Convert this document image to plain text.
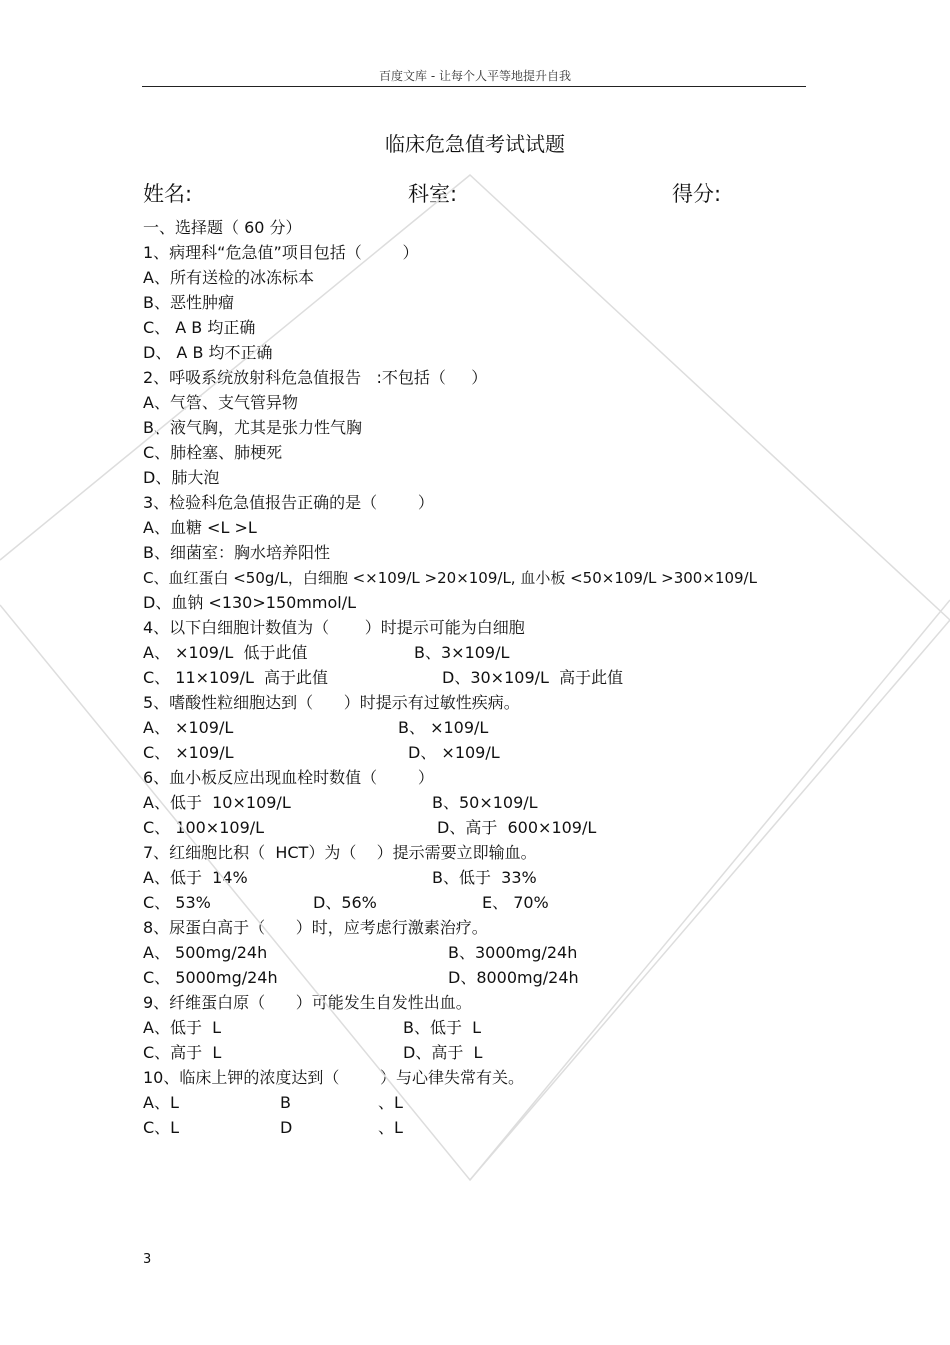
百度文库 - 让每个人平等地提升自我
临床危急值考试试题
姓名:	科室:	得分:
一、选择题（ 60 分）
1、病理科“危急值”项目包括（        ）
A、所有送检的冰冻标本
B、恶性肿瘤
C、 A B 均正确
D、 A B 均不正确
2、呼吸系统放射科危急值报告   :不包括（     ）
A、气管、支气管异物
B、液气胸，尤其是张力性气胸
C、肺栓塞、肺梗死
D、肺大泡
3、检验科危急值报告正确的是（        ）
A、血糖 <L >L
B、细菌室：胸水培养阳性
C、血红蛋白 <50g/L，白细胞 <×109/L >20×109/L, 血小板 <50×109/L >300×109/L
D、血钠 <130>150mmol/L
4、以下白细胞计数值为（       ）时提示可能为白细胞
A、 ×109/L  低于此值	B、3×109/L
C、 11×109/L  高于此值	D、30×109/L  高于此值
5、嗜酸性粒细胞达到（      ）时提示有过敏性疾病。
A、 ×109/L	B、 ×109/L
C、 ×109/L	D、 ×109/L
6、血小板反应出现血栓时数值（        ）
A、低于  10×109/L	B、50×109/L
C、 100×109/L	D、高于  600×109/L
7、红细胞比积（  HCT）为（    ）提示需要立即输血。
A、低于  14%	B、低于  33%
C、 53%	D、56%	E、 70%
8、尿蛋白高于（      ）时，应考虑行激素治疗。
A、 500mg/24h	B、3000mg/24h
C、 5000mg/24h	D、8000mg/24h
9、纤维蛋白原（      ）可能发生自发性出血。
A、低于  L	B、低于  L
C、高于  L	D、高于  L
10、临床上钾的浓度达到（        ）与心律失常有关。
A、L	B	、L
C、L	D	、L
3
